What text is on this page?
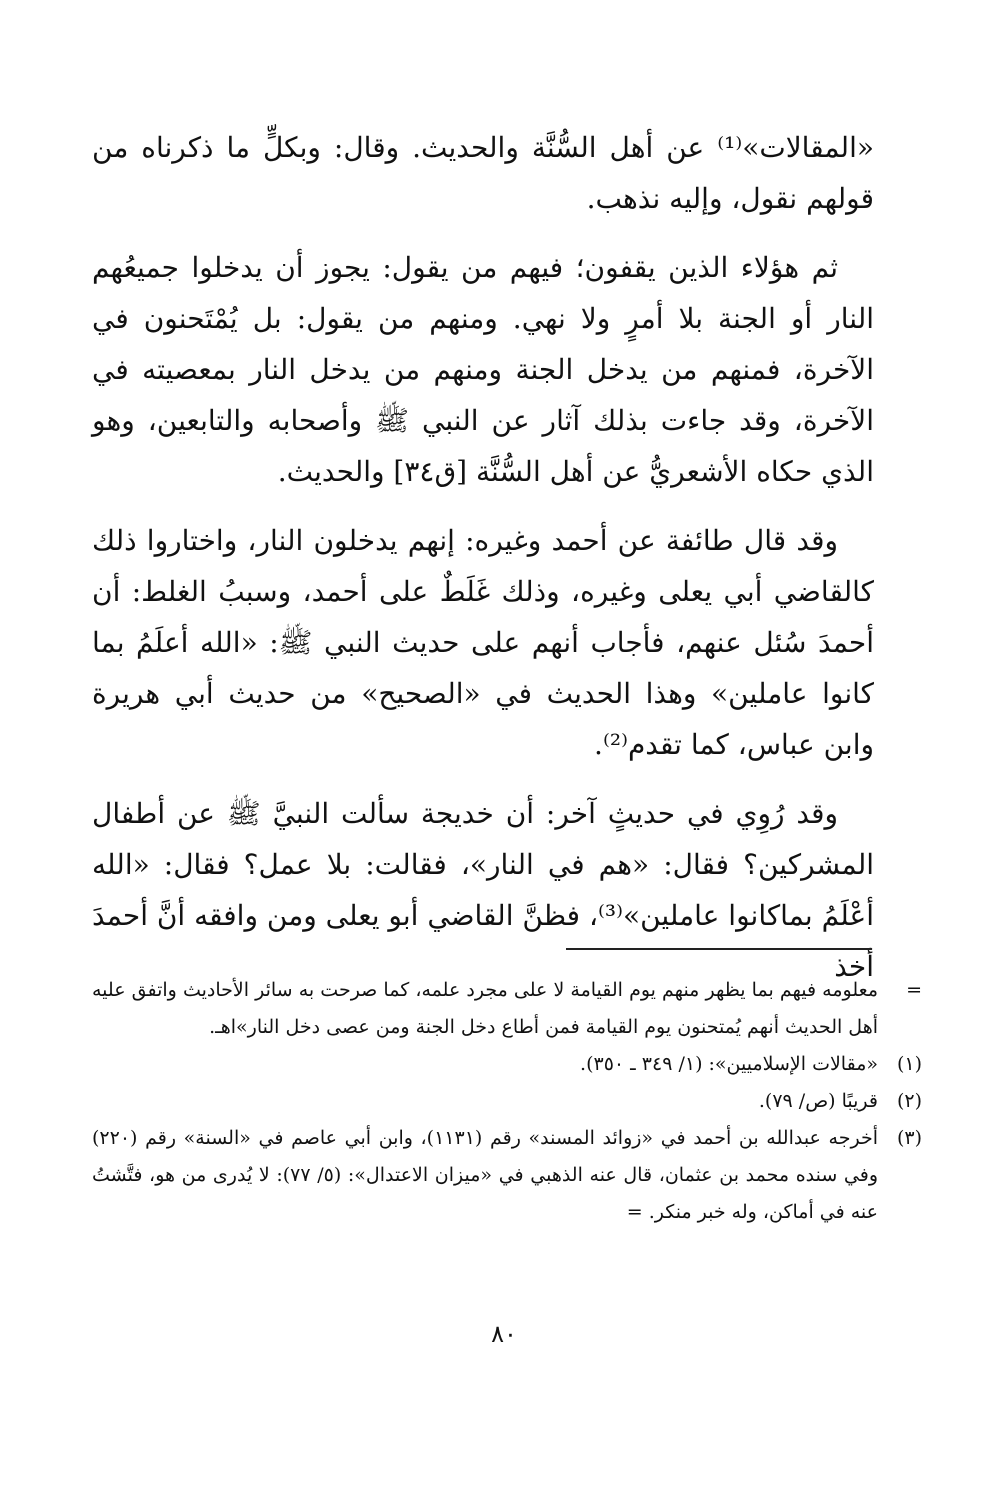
«المقالات»⁽¹⁾ عن أهل السُّنَّة والحديث. وقال: وبكلٍّ ما ذكرناه من قولهم نقول، وإليه نذهب.

ثم هؤلاء الذين يقفون؛ فيهم من يقول: يجوز أن يدخلوا جميعُهم النار أو الجنة بلا أمرٍ ولا نهي. ومنهم من يقول: بل يُمْتَحنون في الآخرة، فمنهم من يدخل الجنة ومنهم من يدخل النار بمعصيته في الآخرة، وقد جاءت بذلك آثار عن النبي ﷺ وأصحابه والتابعين، وهو الذي حكاه الأشعريُّ عن أهل السُّنَّة [ق٣٤] والحديث.

وقد قال طائفة عن أحمد وغيره: إنهم يدخلون النار، واختاروا ذلك كالقاضي أبي يعلى وغيره، وذلك غَلَطٌ على أحمد، وسببُ الغلط: أن أحمدَ سُئل عنهم، فأجاب أنهم على حديث النبي ﷺ: «الله أعلَمُ بما كانوا عاملين» وهذا الحديث في «الصحيح» من حديث أبي هريرة وابن عباس، كما تقدم⁽²⁾.

وقد رُوِي في حديثٍ آخر: أن خديجة سألت النبيَّ ﷺ عن أطفال المشركين؟ فقال: «هم في النار»، فقالت: بلا عمل؟ فقال: «الله أعْلَمُ بماكانوا عاملين»⁽³⁾، فظنَّ القاضي أبو يعلى ومن وافقه أنَّ أحمدَ أخذ

=
معلومه فيهم بما يظهر منهم يوم القيامة لا على مجرد علمه، كما صرحت به سائر الأحاديث واتفق عليه أهل الحديث أنهم يُمتحنون يوم القيامة فمن أطاع دخل الجنة ومن عصى دخل النار»اهـ.
(١)
«مقالات الإسلاميين»: (١/ ٣٤٩ ـ ٣٥٠).
(٢)
قريبًا (ص/ ٧٩).
(٣)
أخرجه عبدالله بن أحمد في «زوائد المسند» رقم (١١٣١)، وابن أبي عاصم في «السنة» رقم (٢٢٠) وفي سنده محمد بن عثمان، قال عنه الذهبي في «ميزان الاعتدال»: (٥/ ٧٧): لا يُدرى من هو، فتَّشتُ عنه في أماكن، وله خبر منكر. =
٨٠
